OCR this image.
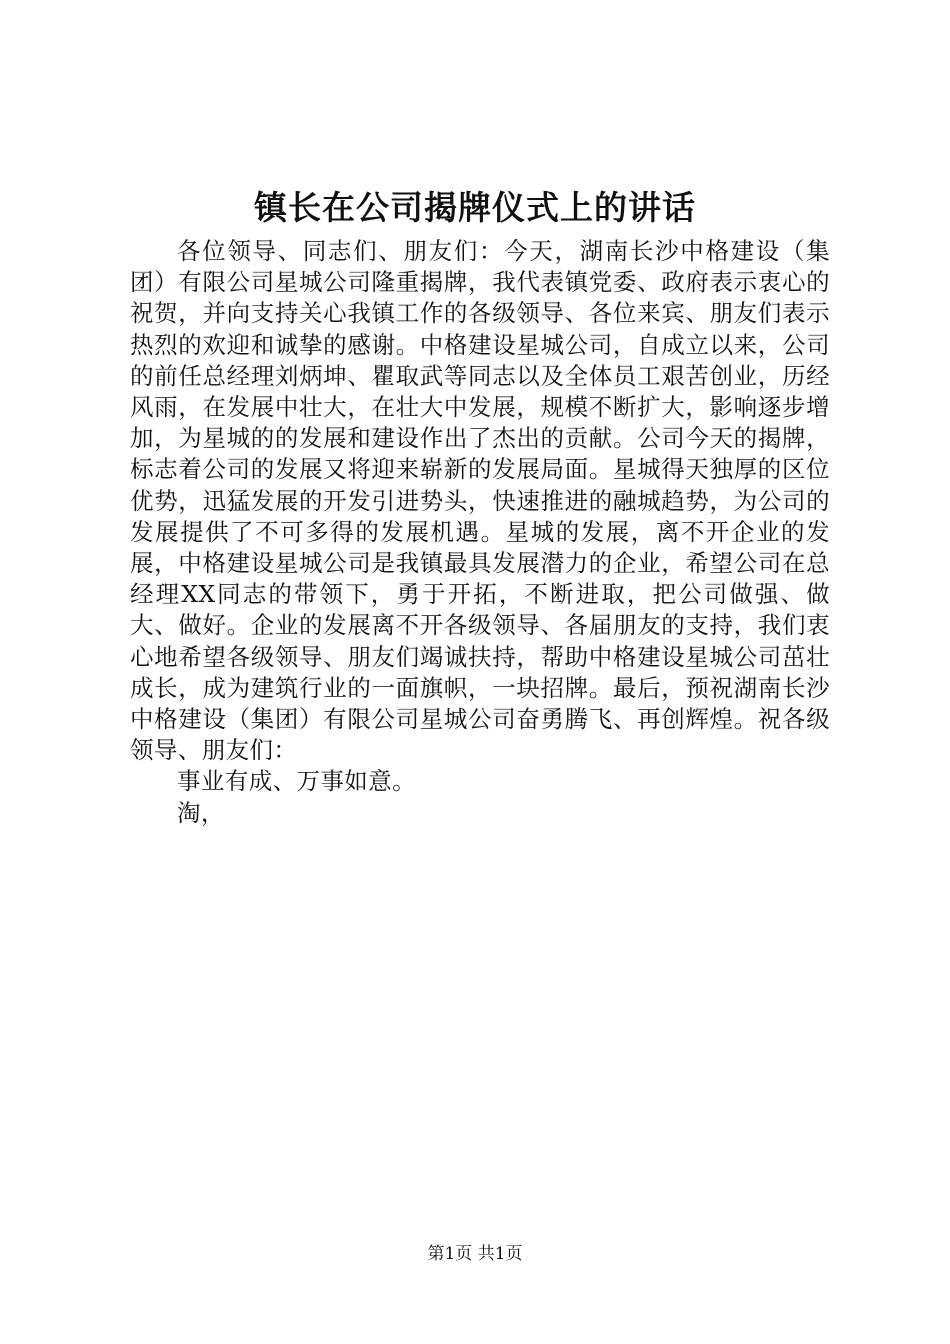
镇长在公司揭牌仪式上的讲话

各位领导、同志们、朋友们：今天，湖南长沙中格建设（集团）有限公司星城公司隆重揭牌，我代表镇党委、政府表示衷心的祝贺，并向支持关心我镇工作的各级领导、各位来宾、朋友们表示热烈的欢迎和诚挚的感谢。中格建设星城公司，自成立以来，公司的前任总经理刘炳坤、瞿取武等同志以及全体员工艰苦创业，历经风雨，在发展中壮大，在壮大中发展，规模不断扩大，影响逐步增加，为星城的的发展和建设作出了杰出的贡献。公司今天的揭牌，标志着公司的发展又将迎来崭新的发展局面。星城得天独厚的区位优势，迅猛发展的开发引进势头，快速推进的融城趋势，为公司的发展提供了不可多得的发展机遇。星城的发展，离不开企业的发展，中格建设星城公司是我镇最具发展潜力的企业，希望公司在总经理XX同志的带领下，勇于开拓，不断进取，把公司做强、做大、做好。企业的发展离不开各级领导、各届朋友的支持，我们衷心地希望各级领导、朋友们竭诚扶持，帮助中格建设星城公司茁壮成长，成为建筑行业的一面旗帜，一块招牌。最后，预祝湖南长沙中格建设（集团）有限公司星城公司奋勇腾飞、再创辉煌。祝各级领导、朋友们：

事业有成、万事如意。

淘，

第1页 共1页
